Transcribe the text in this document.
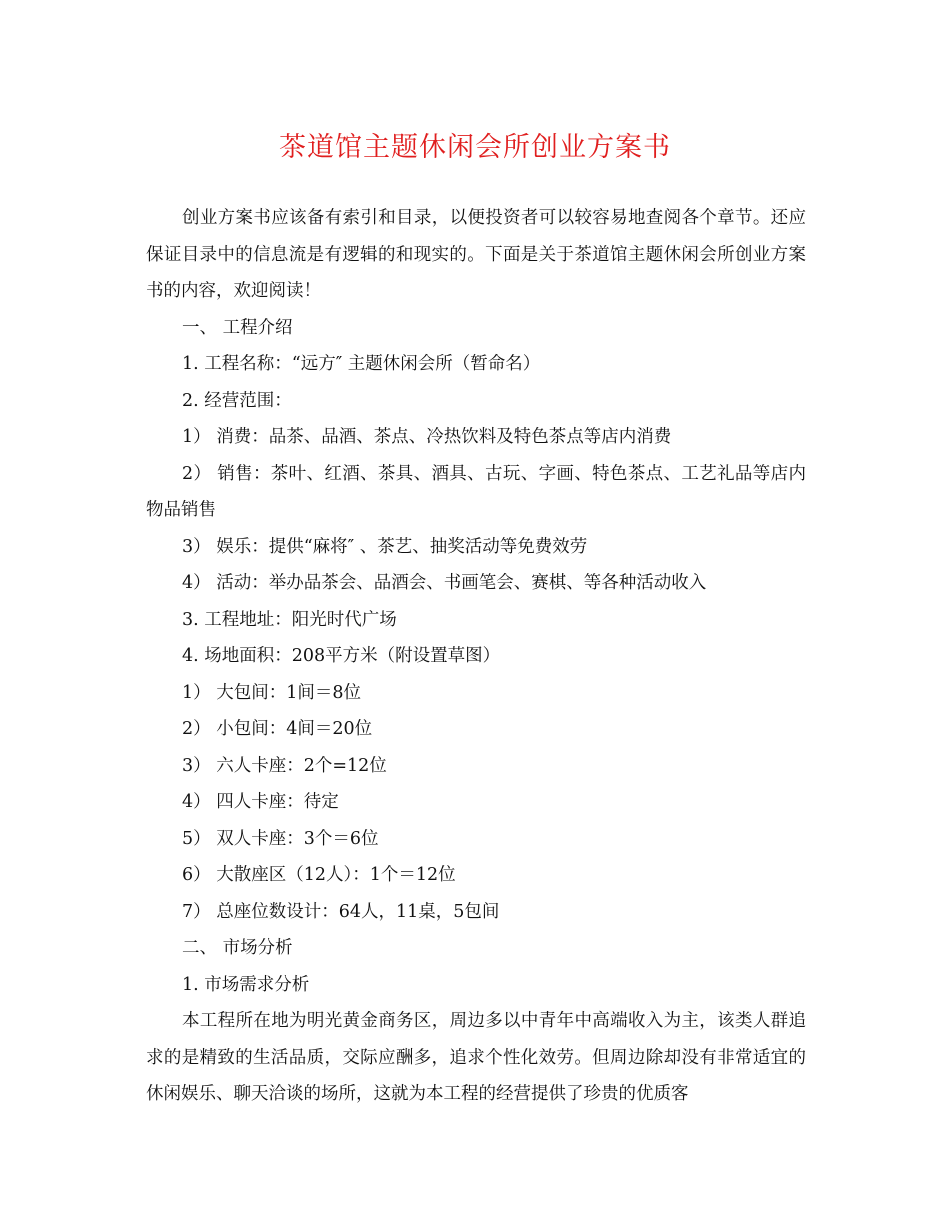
茶道馆主题休闲会所创业方案书

创业方案书应该备有索引和目录，以便投资者可以较容易地查阅各个章节。还应保证目录中的信息流是有逻辑的和现实的。下面是关于茶道馆主题休闲会所创业方案书的内容，欢迎阅读！

一、 工程介绍

1. 工程名称：“远方″ 主题休闲会所（暂命名）

2. 经营范围：

1） 消费：品茶、品酒、茶点、冷热饮料及特色茶点等店内消费

2） 销售：茶叶、红酒、茶具、酒具、古玩、字画、特色茶点、工艺礼品等店内物品销售

3） 娱乐：提供“麻将″ 、茶艺、抽奖活动等免费效劳

4） 活动：举办品茶会、品酒会、书画笔会、赛棋、等各种活动收入

3. 工程地址：阳光时代广场

4. 场地面积：208平方米（附设置草图）

1） 大包间：1间＝8位

2） 小包间：4间＝20位

3） 六人卡座：2个=12位

4） 四人卡座：待定

5） 双人卡座：3个＝6位

6） 大散座区（12人）：1个＝12位

7） 总座位数设计：64人，11桌，5包间

二、 市场分析

1. 市场需求分析

本工程所在地为明光黄金商务区，周边多以中青年中高端收入为主，该类人群追求的是精致的生活品质，交际应酬多，追求个性化效劳。但周边除却没有非常适宜的休闲娱乐、聊天洽谈的场所，这就为本工程的经营提供了珍贵的优质客
